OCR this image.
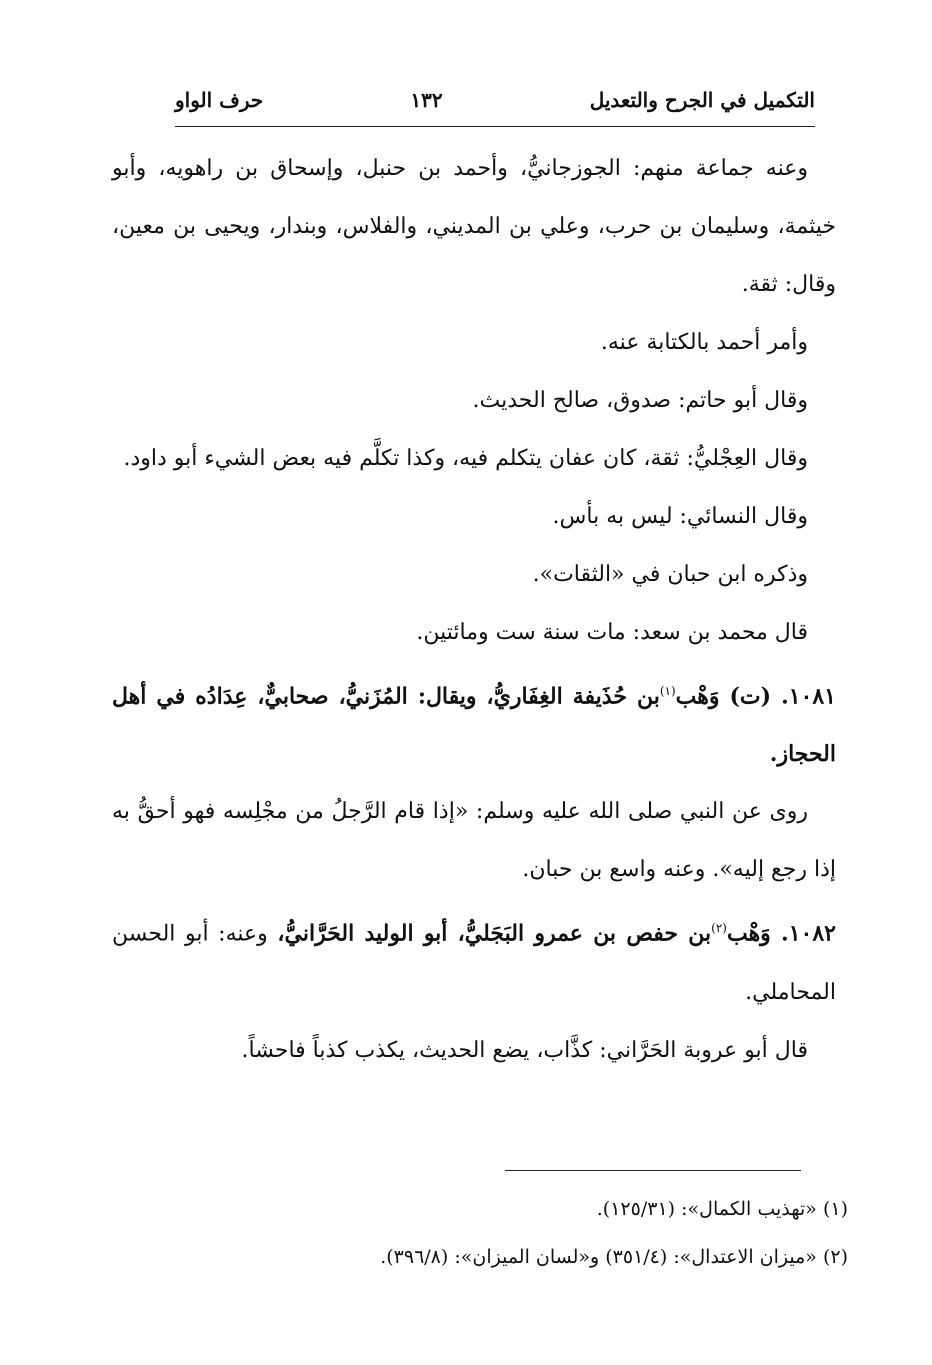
التكميل في الجرح والتعديل
١٣٢
حرف الواو

وعنه جماعة منهم: الجوزجانيُّ، وأحمد بن حنبل، وإسحاق بن راهويه، وأبو خيثمة، وسليمان بن حرب، وعلي بن المديني، والفلاس، وبندار، ويحيى بن معين، وقال: ثقة.

وأمر أحمد بالكتابة عنه.

وقال أبو حاتم: صدوق، صالح الحديث.

وقال العِجْليُّ: ثقة، كان عفان يتكلم فيه، وكذا تكلَّم فيه بعض الشيء أبو داود.

وقال النسائي: ليس به بأس.

وذكره ابن حبان في «الثقات».

قال محمد بن سعد: مات سنة ست ومائتين.

١٠٨١. (ت) وَهْب$^{(١)}$بن حُذَيفة الغِفَاريُّ، ويقال: المُزَنيُّ، صحابيٌّ، عِدَادُه في أهل الحجاز.

روى عن النبي صلى الله عليه وسلم: «إذا قام الرَّجلُ من مجْلِسه فهو أحقُّ به إذا رجع إليه». وعنه واسع بن حبان.

١٠٨٢. وَهْب$^{(٢)}$بن حفص بن عمرو البَجَليُّ، أبو الوليد الحَرَّانيُّ، وعنه: أبو الحسن المحاملي.

قال أبو عروبة الحَرَّاني: كذَّاب، يضع الحديث، يكذب كذباً فاحشاً.

(١) «تهذيب الكمال»: (١٢٥/٣١).

(٢) «ميزان الاعتدال»: (٣٥١/٤) و«لسان الميزان»: (٣٩٦/٨).
